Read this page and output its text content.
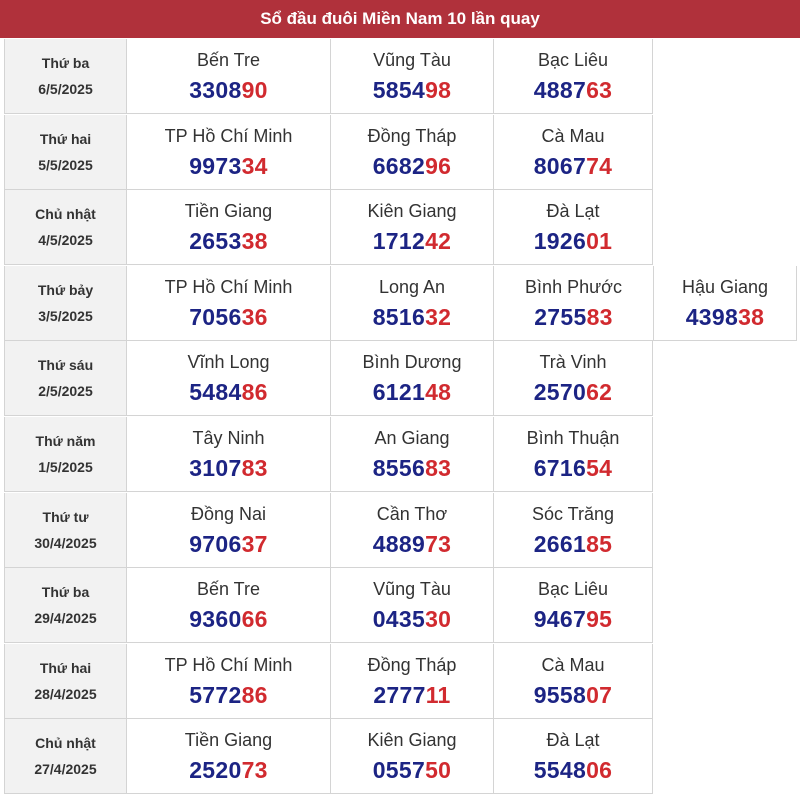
Sổ đầu đuôi Miền Nam 10 lần quay
Thứ ba
6/5/2025
Bến Tre
330890
Vũng Tàu
585498
Bạc Liêu
488763
Thứ hai
5/5/2025
TP Hồ Chí Minh
997334
Đồng Tháp
668296
Cà Mau
806774
Chủ nhật
4/5/2025
Tiền Giang
265338
Kiên Giang
171242
Đà Lạt
192601
Thứ bảy
3/5/2025
TP Hồ Chí Minh
705636
Long An
851632
Bình Phước
275583
Hậu Giang
439838
Thứ sáu
2/5/2025
Vĩnh Long
548486
Bình Dương
612148
Trà Vinh
257062
Thứ năm
1/5/2025
Tây Ninh
310783
An Giang
855683
Bình Thuận
671654
Thứ tư
30/4/2025
Đồng Nai
970637
Cần Thơ
488973
Sóc Trăng
266185
Thứ ba
29/4/2025
Bến Tre
936066
Vũng Tàu
043530
Bạc Liêu
946795
Thứ hai
28/4/2025
TP Hồ Chí Minh
577286
Đồng Tháp
277711
Cà Mau
955807
Chủ nhật
27/4/2025
Tiền Giang
252073
Kiên Giang
055750
Đà Lạt
554806
